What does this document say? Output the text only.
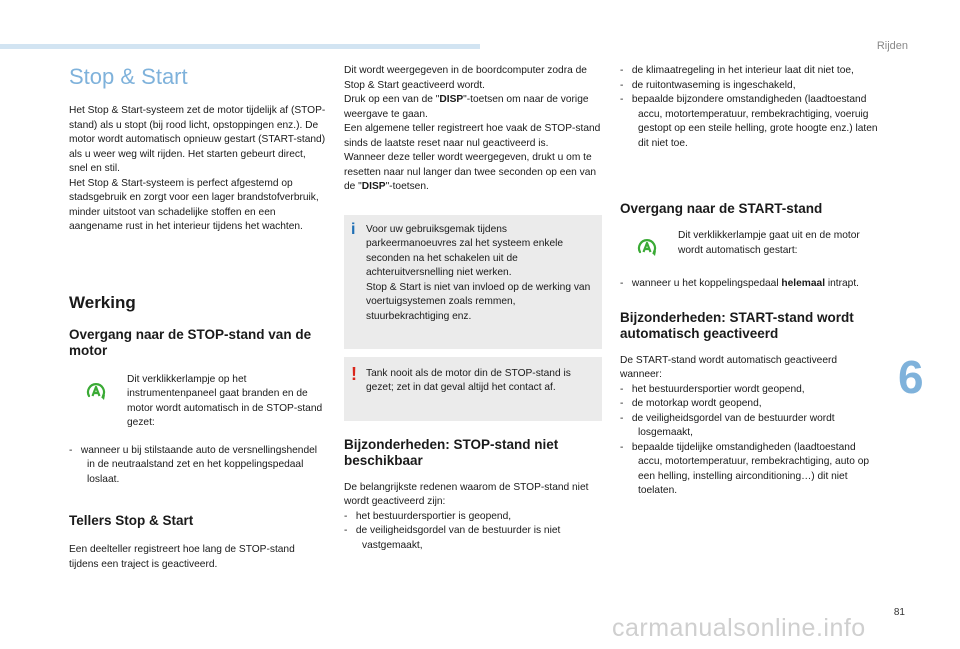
Rijden
Stop & Start

Het Stop & Start-systeem zet de motor tijdelijk af (STOP-stand) als u stopt (bij rood licht, opstoppingen enz.). De motor wordt automatisch opnieuw gestart (START-stand) als u weer weg wilt rijden. Het starten gebeurt direct, snel en stil.
Het Stop & Start-systeem is perfect afgestemd op stadsgebruik en zorgt voor een lager brandstofverbruik, minder uitstoot van schadelijke stoffen en een aangename rust in het interieur tijdens het wachten.

Werking
Overgang naar de STOP-stand van de motor

Dit verklikkerlampje op het instrumentenpaneel gaat branden en de motor wordt automatisch in de STOP-stand gezet:

-   wanneer u bij stilstaande auto de versnellingshendel in de neutraalstand zet en het koppelingspedaal loslaat.

Tellers Stop & Start

Een deelteller registreert hoe lang de STOP-stand tijdens een traject is geactiveerd.

Dit wordt weergegeven in de boordcomputer zodra de Stop & Start geactiveerd wordt.

Druk op een van de "DISP"-toetsen om naar de vorige weergave te gaan.

Een algemene teller registreert hoe vaak de STOP-stand sinds de laatste reset naar nul geactiveerd is.

Wanneer deze teller wordt weergegeven, drukt u om te resetten naar nul langer dan twee seconden op een van de "DISP"-toetsen.

i Voor uw gebruiksgemak tijdens parkeermanoeuvres zal het systeem enkele seconden na het schakelen uit de achteruitversnelling niet werken.
Stop & Start is niet van invloed op de werking van voertuigsystemen zoals remmen, stuurbekrachtiging enz.

! Tank nooit als de motor din de STOP-stand is gezet; zet in dat geval altijd het contact af.

Bijzonderheden: STOP-stand niet beschikbaar

De belangrijkste redenen waarom de STOP-stand niet wordt geactiveerd zijn:

-   het bestuurdersportier is geopend,

-   de veiligheidsgordel van de bestuurder is niet vastgemaakt,

-   de klimaatregeling in het interieur laat dit niet toe,

-   de ruitontwaseming is ingeschakeld,

-   bepaalde bijzondere omstandigheden (laadtoestand accu, motortemperatuur, rembekrachtiging, voeruig gestopt op een steile helling, grote hoogte enz.) laten dit niet toe.

Overgang naar de START-stand

Dit verklikkerlampje gaat uit en de motor wordt automatisch gestart:

-   wanneer u het koppelingspedaal helemaal intrapt.

Bijzonderheden: START-stand wordt automatisch geactiveerd

De START-stand wordt automatisch geactiveerd wanneer:

-   het bestuurdersportier wordt geopend,

-   de motorkap wordt geopend,

-   de veiligheidsgordel van de bestuurder wordt losgemaakt,

-   bepaalde tijdelijke omstandigheden (laadtoestand accu, motortemperatuur, rembekrachtiging, auto op een helling, instelling airconditioning…) dit niet toelaten.

6
carmanualsonline.info
81
